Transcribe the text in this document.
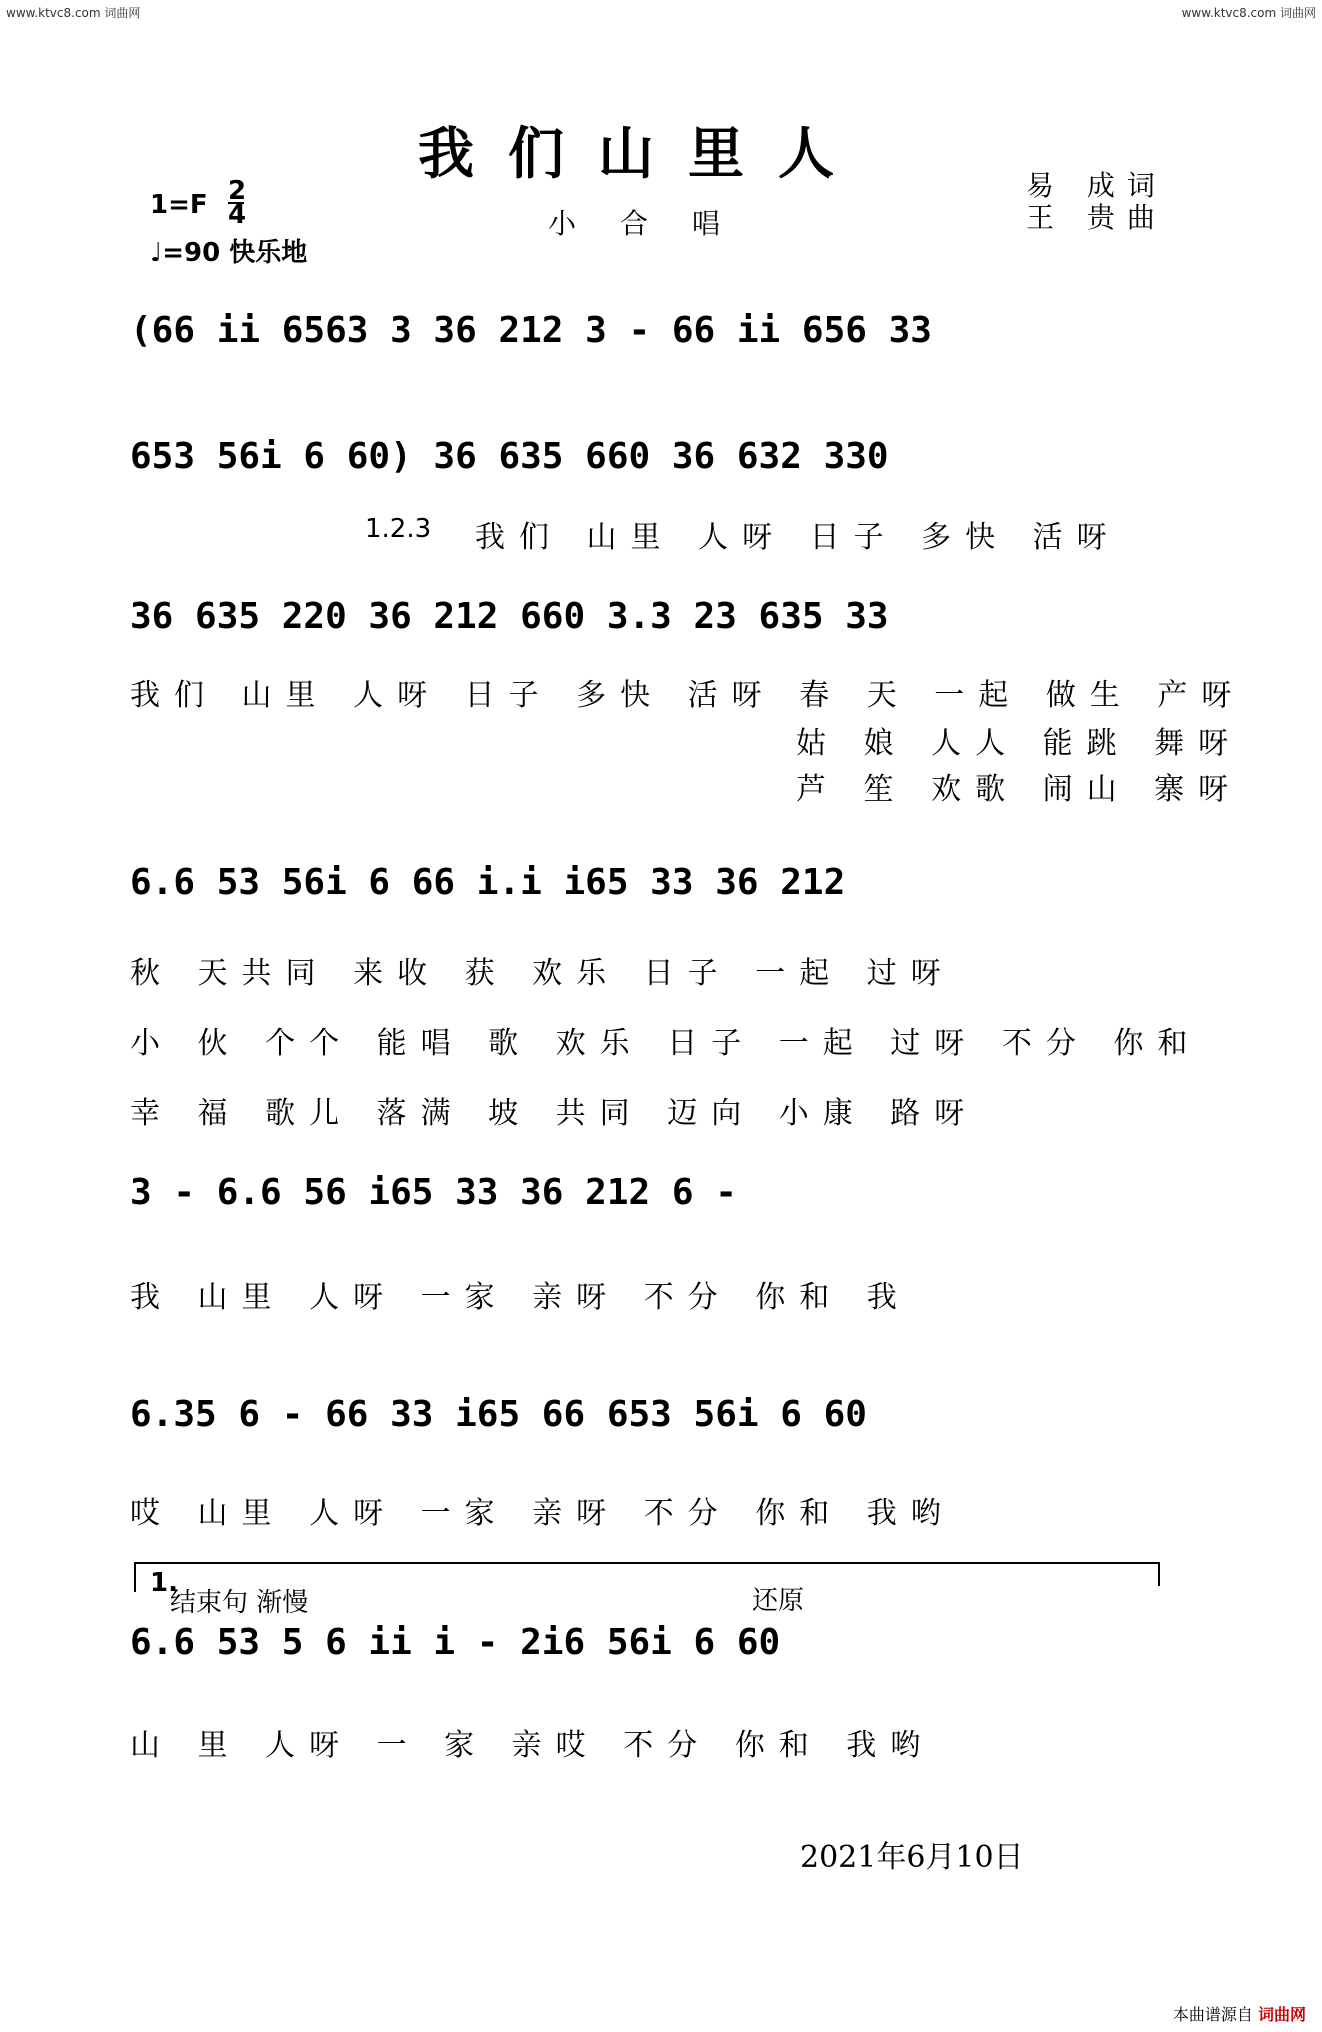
www.ktvc8.com 词曲网	www.ktvc8.com 词曲网
我们山里人
小合唱
易 成词
王 贵曲
1=F 2
4
♩=90 快乐地
(66 ii 6563 3 36 212 3 - 66 ii 656 33
653 56i 6 60) 36 635 660 36 632 330
1.2.3 我们 山里 人呀 日子 多快 活呀
36 635 220 36 212 660 3.3 23 635 33
我们 山里 人呀 日子 多快 活呀 春 天 一起 做生 产呀
姑 娘 人人 能跳 舞呀
芦 笙 欢歌 闹山 寨呀
6.6 53 56i 6 66 i.i i65 33 36 212
秋 天共同 来收 获 欢乐 日子 一起 过呀
小 伙 个个 能唱 歌 欢乐 日子 一起 过呀 不分 你和
幸 福 歌儿 落满 坡 共同 迈向 小康 路呀
3 - 6.6 56 i65 33 36 212 6 -
我 山里 人呀 一家 亲呀 不分 你和 我
6.35 6 - 66 33 i65 66 653 56i 6 60
哎 山里 人呀 一家 亲呀 不分 你和 我哟
1.
结束句 渐慢	还原
6.6 53 5 6 ii i - 2i6 56i 6 60
山 里 人呀 一 家 亲哎 不分 你和 我哟
2021年6月10日
本曲谱源自 词曲网
